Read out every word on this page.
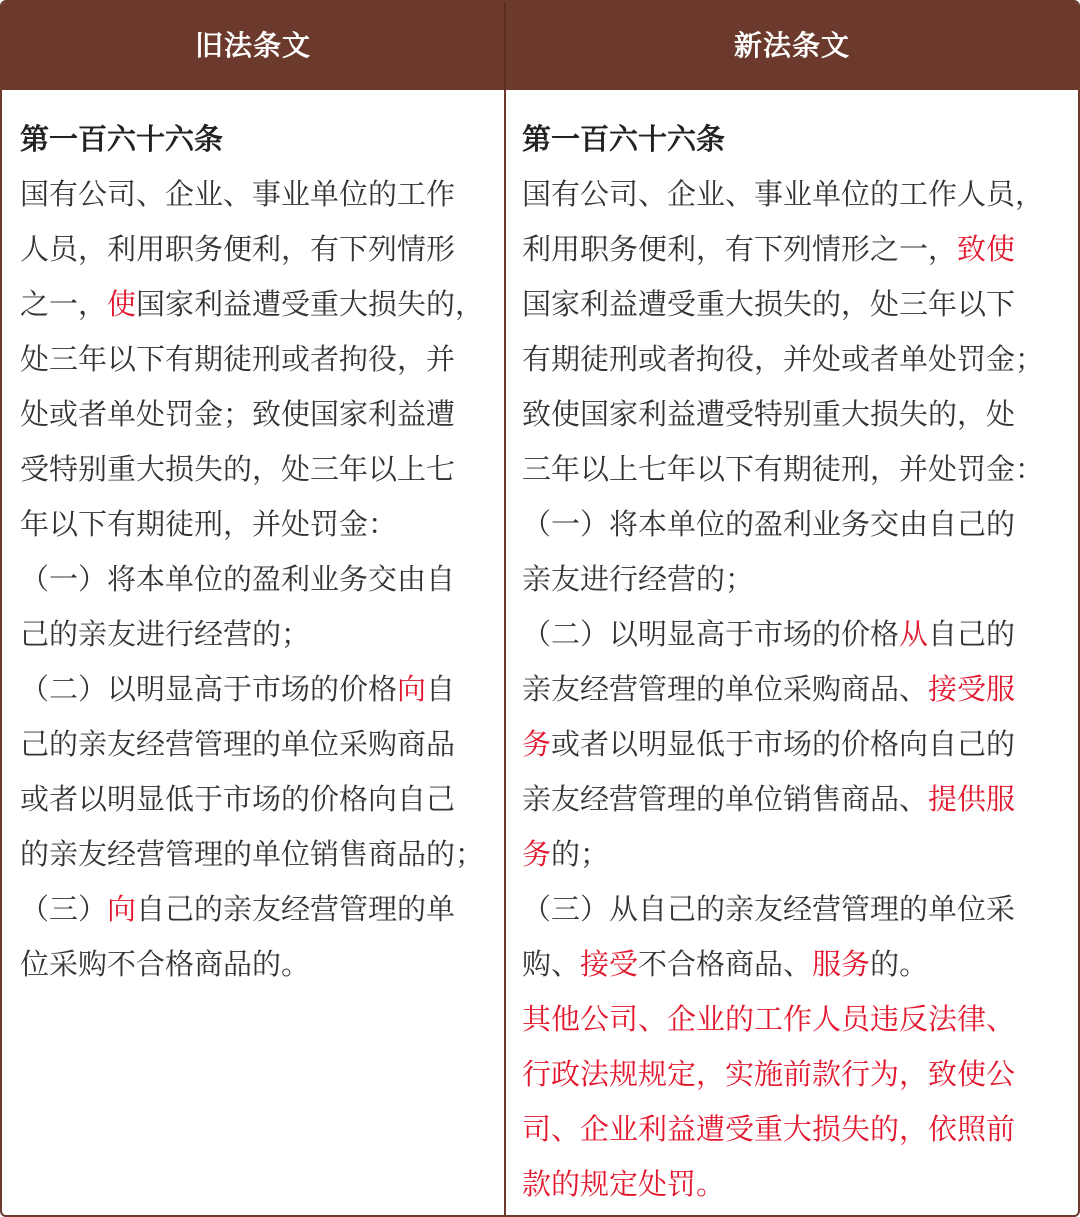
旧法条文	新法条文
第一百六十六条
国有公司、企业、事业单位的工作
人员，利用职务便利，有下列情形
之一，使国家利益遭受重大损失的，
处三年以下有期徒刑或者拘役，并
处或者单处罚金；致使国家利益遭
受特别重大损失的，处三年以上七
年以下有期徒刑，并处罚金：
（一）将本单位的盈利业务交由自
己的亲友进行经营的；
（二）以明显高于市场的价格向自
己的亲友经营管理的单位采购商品
或者以明显低于市场的价格向自己
的亲友经营管理的单位销售商品的；
（三）向自己的亲友经营管理的单
位采购不合格商品的。
第一百六十六条
国有公司、企业、事业单位的工作人员，
利用职务便利，有下列情形之一，致使
国家利益遭受重大损失的，处三年以下
有期徒刑或者拘役，并处或者单处罚金；
致使国家利益遭受特别重大损失的，处
三年以上七年以下有期徒刑，并处罚金：
（一）将本单位的盈利业务交由自己的
亲友进行经营的；
（二）以明显高于市场的价格从自己的
亲友经营管理的单位采购商品、接受服
务或者以明显低于市场的价格向自己的
亲友经营管理的单位销售商品、提供服
务的；
（三）从自己的亲友经营管理的单位采
购、接受不合格商品、服务的。
其他公司、企业的工作人员违反法律、
行政法规规定，实施前款行为，致使公
司、企业利益遭受重大损失的，依照前
款的规定处罚。
